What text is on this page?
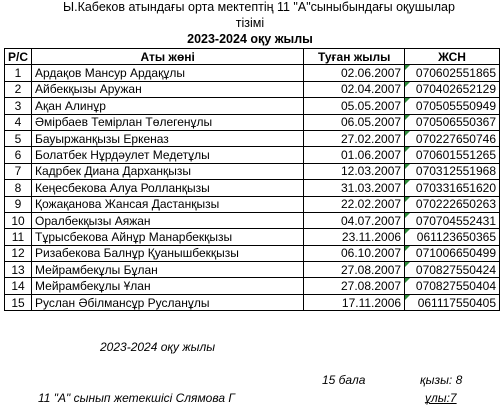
Ы.Кабеков атындағы орта мектептің 11 "А"сыныбындағы оқушылар
тізімі
2023-2024 оқу жылы
Р/С	Аты жөні	Туған жылы	ЖСН
1	Ардақов Мансур Ардақұлы	02.06.2007	070602551865
2	Айбекқызы Аружан	02.04.2007	070402652129
3	Ақан Алинұр	05.05.2007	070505550949
4	Әмірбаев Темірлан Төлегенұлы	06.05.2007	070506550367
5	Бауыржанқызы Еркеназ	27.02.2007	070227650746
6	Болатбек Нұрдәулет Медетұлы	01.06.2007	070601551265
7	Кадрбек Диана Дарханқызы	12.03.2007	070312551968
8	Кеңесбекова Алуа Ролланқызы	31.03.2007	070331651620
9	Қожақанова Жансая Дастанқызы	22.02.2007	070222650263
10	Оралбекқызы Аяжан	04.07.2007	070704552431
11	Тұрысбекова Айнұр Манарбекқызы	23.11.2006	061123650365
12	Ризабекова Балнұр Қуанышбекқызы	06.10.2007	071006650499
13	Мейрамбекұлы Бұлан	27.08.2007	070827550424
14	Мейрамбекұлы Ұлан	27.08.2007	070827550404
15	Руслан Әбілмансұр Русланұлы	17.11.2006	061117550405
2023-2024 оқу жылы
15 бала	қызы: 8
11 "А" сынып жетекшісі Слямова Г	ұлы:7
